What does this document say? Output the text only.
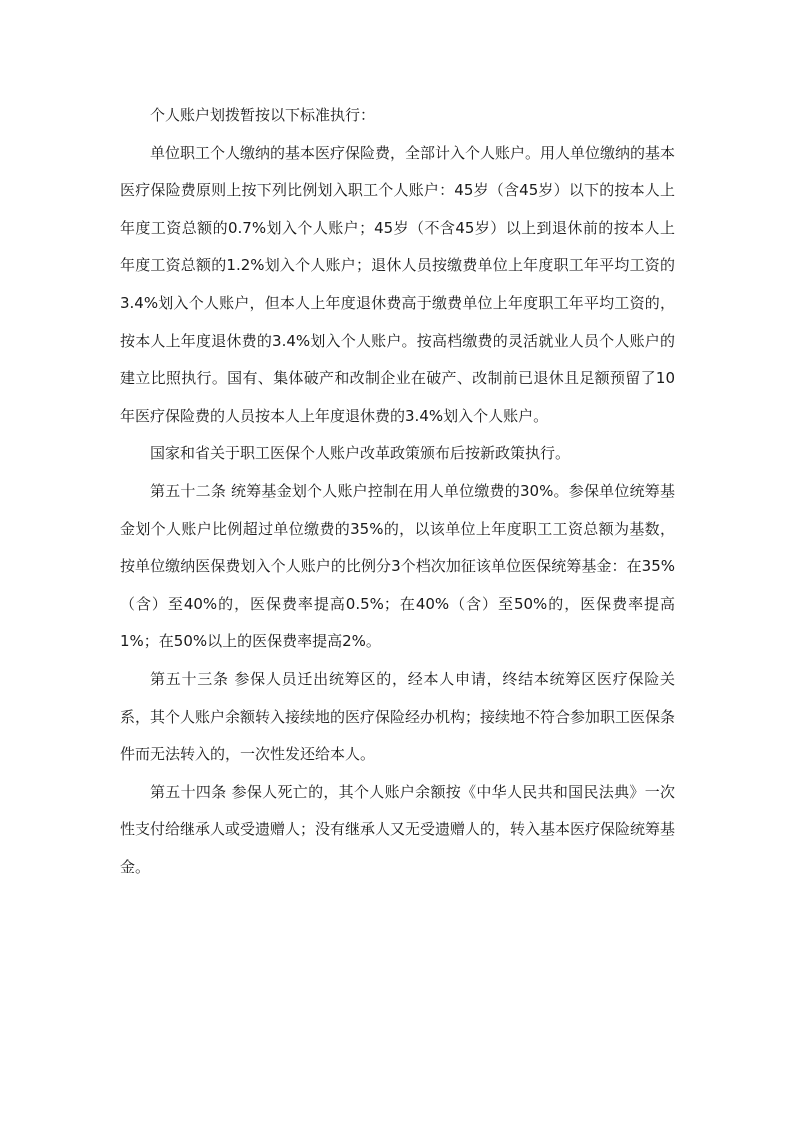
个人账户划拨暂按以下标准执行：

单位职工个人缴纳的基本医疗保险费，全部计入个人账户。用人单位缴纳的基本医疗保险费原则上按下列比例划入职工个人账户：45岁（含45岁）以下的按本人上年度工资总额的0.7%划入个人账户；45岁（不含45岁）以上到退休前的按本人上年度工资总额的1.2%划入个人账户；退休人员按缴费单位上年度职工年平均工资的3.4%划入个人账户，但本人上年度退休费高于缴费单位上年度职工年平均工资的，按本人上年度退休费的3.4%划入个人账户。按高档缴费的灵活就业人员个人账户的建立比照执行。国有、集体破产和改制企业在破产、改制前已退休且足额预留了10年医疗保险费的人员按本人上年度退休费的3.4%划入个人账户。

国家和省关于职工医保个人账户改革政策颁布后按新政策执行。

第五十二条 统筹基金划个人账户控制在用人单位缴费的30%。参保单位统筹基金划个人账户比例超过单位缴费的35%的，以该单位上年度职工工资总额为基数，按单位缴纳医保费划入个人账户的比例分3个档次加征该单位医保统筹基金：在35%（含）至40%的，医保费率提高0.5%；在40%（含）至50%的，医保费率提高1%；在50%以上的医保费率提高2%。

第五十三条 参保人员迁出统筹区的，经本人申请，终结本统筹区医疗保险关系，其个人账户余额转入接续地的医疗保险经办机构；接续地不符合参加职工医保条件而无法转入的，一次性发还给本人。

第五十四条 参保人死亡的，其个人账户余额按《中华人民共和国民法典》一次性支付给继承人或受遗赠人；没有继承人又无受遗赠人的，转入基本医疗保险统筹基金。
